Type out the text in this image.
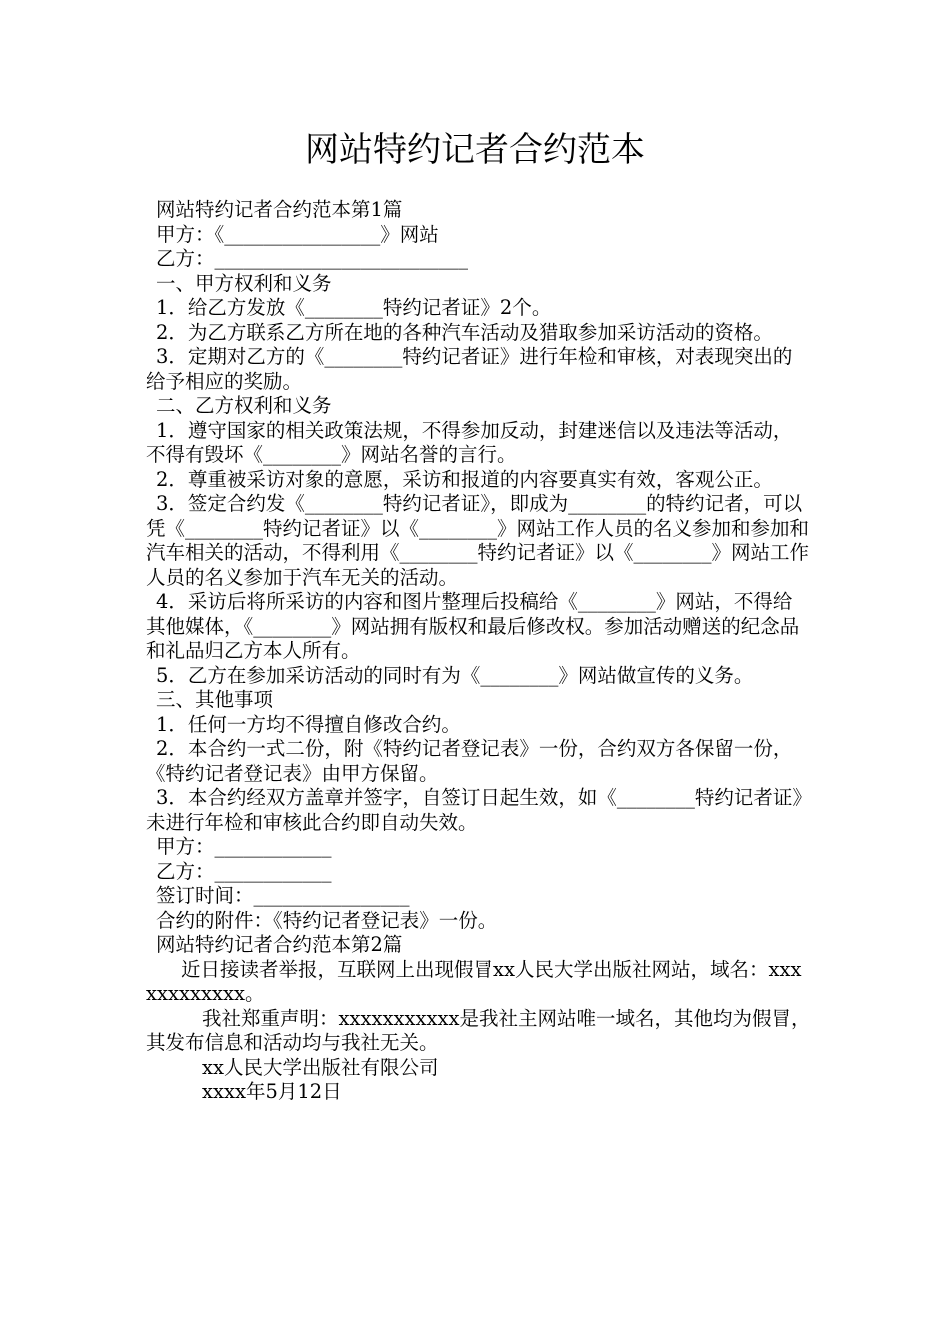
网站特约记者合约范本

网站特约记者合约范本第1篇

甲方：《________________》网站

乙方：__________________________

一、甲方权利和义务

1．给乙方发放《________特约记者证》2个。

2．为乙方联系乙方所在地的各种汽车活动及猎取参加采访活动的资格。

3．定期对乙方的《________特约记者证》进行年检和审核，对表现突出的给予相应的奖励。

二、乙方权利和义务

1．遵守国家的相关政策法规，不得参加反动，封建迷信以及违法等活动，不得有毁坏《________》网站名誉的言行。

2．尊重被采访对象的意愿，采访和报道的内容要真实有效，客观公正。

3．签定合约发《________特约记者证》，即成为________的特约记者，可以凭《________特约记者证》以《________》网站工作人员的名义参加和参加和汽车相关的活动，不得利用《________特约记者证》以《________》网站工作人员的名义参加于汽车无关的活动。

4．采访后将所采访的内容和图片整理后投稿给《________》网站，不得给其他媒体，《________》网站拥有版权和最后修改权。参加活动赠送的纪念品和礼品归乙方本人所有。

5．乙方在参加采访活动的同时有为《________》网站做宣传的义务。

三、其他事项

1．任何一方均不得擅自修改合约。

2．本合约一式二份，附《特约记者登记表》一份，合约双方各保留一份，《特约记者登记表》由甲方保留。

3．本合约经双方盖章并签字，自签订日起生效，如《________特约记者证》未进行年检和审核此合约即自动失效。

甲方：____________

乙方：____________

签订时间：________________

合约的附件：《特约记者登记表》一份。

网站特约记者合约范本第2篇

近日接读者举报，互联网上出现假冒xx人民大学出版社网站，域名：xxxxxxxxxxxx。

我社郑重声明：xxxxxxxxxxx是我社主网站唯一域名，其他均为假冒，其发布信息和活动均与我社无关。

xx人民大学出版社有限公司

xxxx年5月12日
